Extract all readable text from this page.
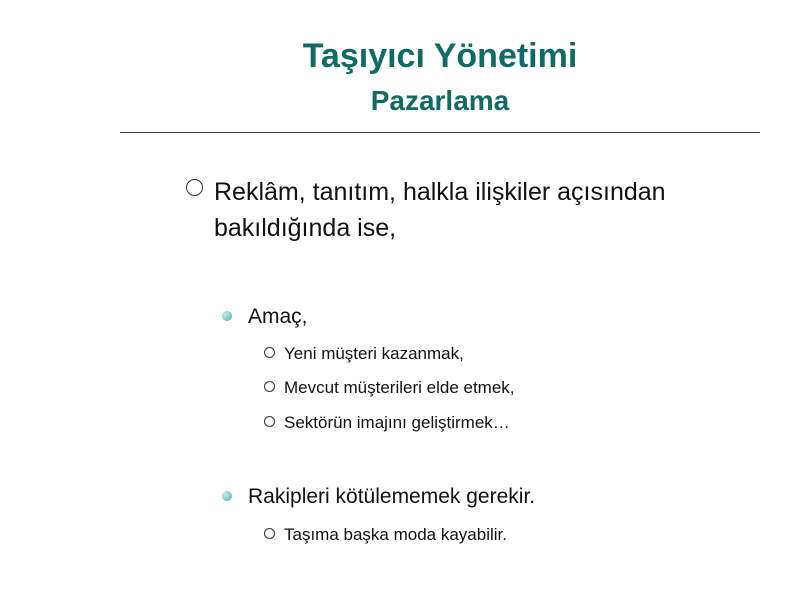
Taşıyıcı Yönetimi
Pazarlama
Reklâm, tanıtım, halkla ilişkiler açısından bakıldığında ise,
Amaç,
Yeni müşteri kazanmak,
Mevcut müşterileri elde etmek,
Sektörün imajını geliştirmek…
Rakipleri kötülememek gerekir.
Taşıma başka moda kayabilir.
